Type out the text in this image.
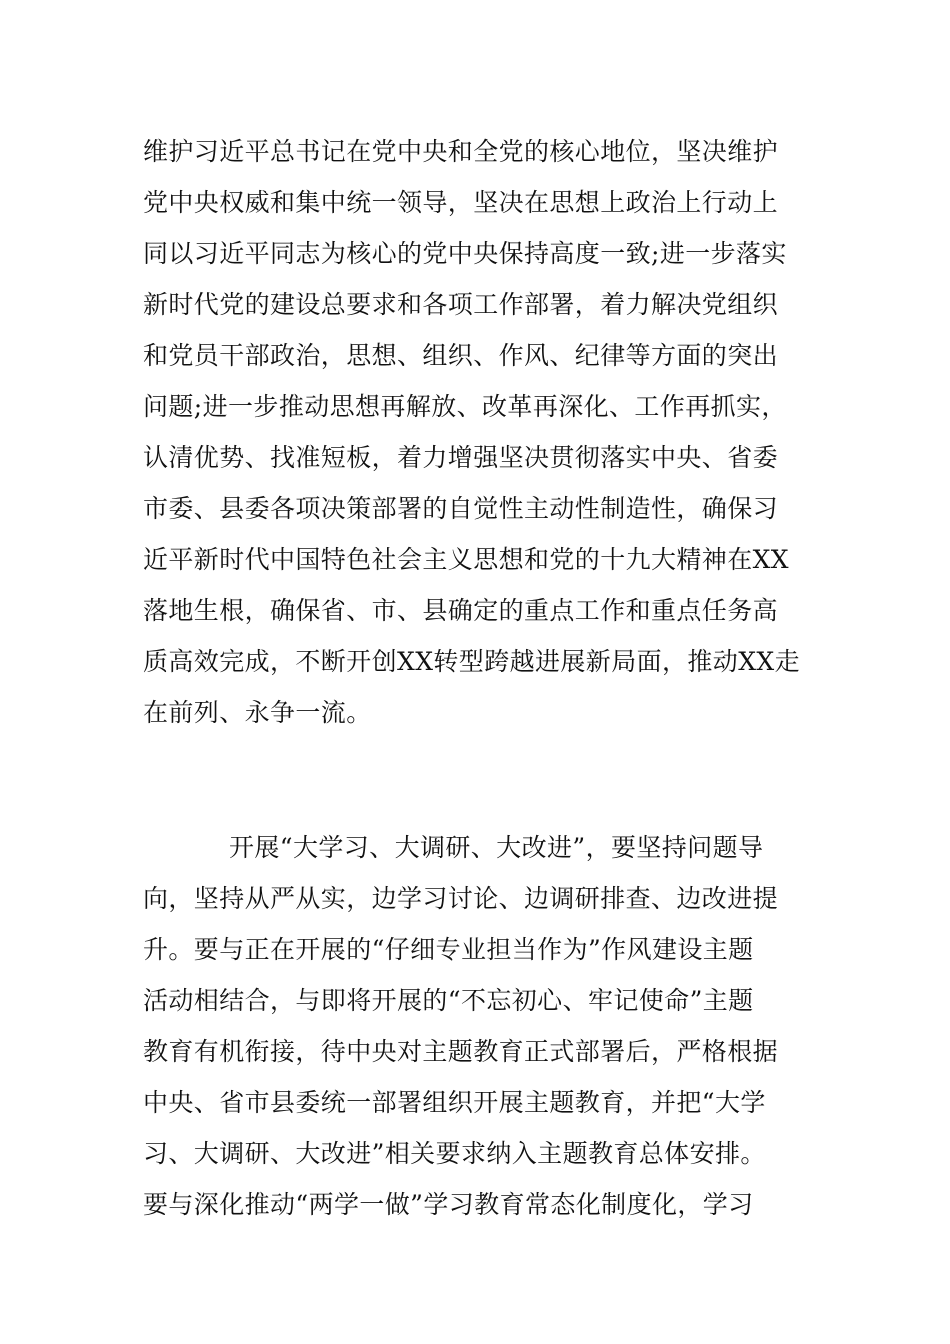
维护习近平总书记在党中央和全党的核心地位，坚决维护
党中央权威和集中统一领导，坚决在思想上政治上行动上
同以习近平同志为核心的党中央保持高度一致;进一步落实
新时代党的建设总要求和各项工作部署，着力解决党组织
和党员干部政治，思想、组织、作风、纪律等方面的突出
问题;进一步推动思想再解放、改革再深化、工作再抓实，
认清优势、找准短板，着力增强坚决贯彻落实中央、省委
市委、县委各项决策部署的自觉性主动性制造性，确保习
近平新时代中国特色社会主义思想和党的十九大精神在XX
落地生根，确保省、市、县确定的重点工作和重点任务高
质高效完成，不断开创XX转型跨越进展新局面，推动XX走
在前列、永争一流。

开展“大学习、大调研、大改进”，要坚持问题导
向，坚持从严从实，边学习讨论、边调研排查、边改进提
升。要与正在开展的“仔细专业担当作为”作风建设主题
活动相结合，与即将开展的“不忘初心、牢记使命”主题
教育有机衔接，待中央对主题教育正式部署后，严格根据
中央、省市县委统一部署组织开展主题教育，并把“大学
习、大调研、大改进”相关要求纳入主题教育总体安排。
要与深化推动“两学一做”学习教育常态化制度化，学习
